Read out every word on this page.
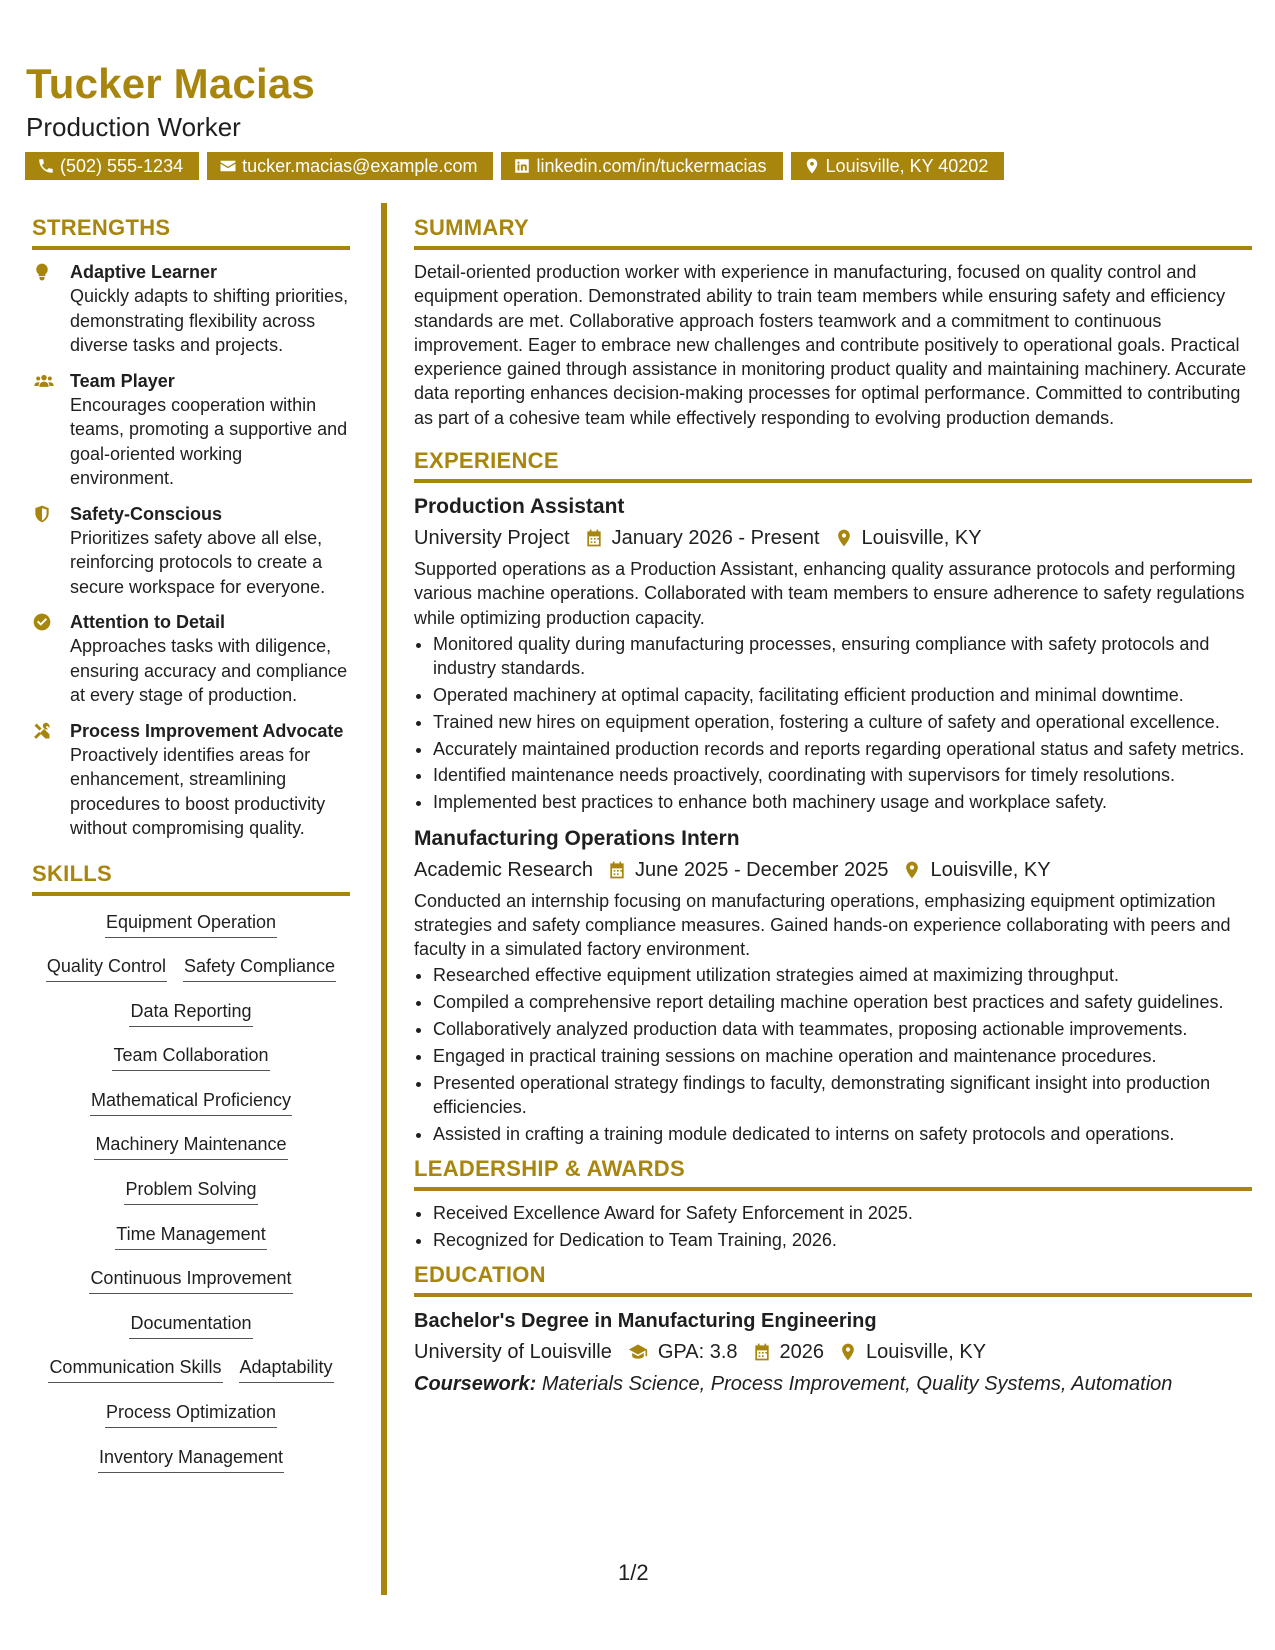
Tucker Macias
Production Worker
(502) 555-1234	tucker.macias@example.com	linkedin.com/in/tuckermacias	Louisville, KY 40202
STRENGTHS
Adaptive Learner
Quickly adapts to shifting priorities, demonstrating flexibility across diverse tasks and projects.
Team Player
Encourages cooperation within teams, promoting a supportive and goal-oriented working environment.
Safety-Conscious
Prioritizes safety above all else, reinforcing protocols to create a secure workspace for everyone.
Attention to Detail
Approaches tasks with diligence, ensuring accuracy and compliance at every stage of production.
Process Improvement Advocate
Proactively identifies areas for enhancement, streamlining procedures to boost productivity without compromising quality.
SKILLS
Equipment Operation
Quality Control Safety Compliance
Data Reporting
Team Collaboration
Mathematical Proficiency
Machinery Maintenance
Problem Solving
Time Management
Continuous Improvement
Documentation
Communication Skills Adaptability
Process Optimization
Inventory Management
SUMMARY

Detail-oriented production worker with experience in manufacturing, focused on quality control and equipment operation. Demonstrated ability to train team members while ensuring safety and efficiency standards are met. Collaborative approach fosters teamwork and a commitment to continuous improvement. Eager to embrace new challenges and contribute positively to operational goals. Practical experience gained through assistance in monitoring product quality and maintaining machinery. Accurate data reporting enhances decision-making processes for optimal performance. Committed to contributing as part of a cohesive team while effectively responding to evolving production demands.

EXPERIENCE
Production Assistant
University Project January 2026 - Present Louisville, KY
Supported operations as a Production Assistant, enhancing quality assurance protocols and performing various machine operations. Collaborated with team members to ensure adherence to safety regulations while optimizing production capacity.
• Monitored quality during manufacturing processes, ensuring compliance with safety protocols and industry standards.
• Operated machinery at optimal capacity, facilitating efficient production and minimal downtime.
• Trained new hires on equipment operation, fostering a culture of safety and operational excellence.
• Accurately maintained production records and reports regarding operational status and safety metrics.
• Identified maintenance needs proactively, coordinating with supervisors for timely resolutions.
• Implemented best practices to enhance both machinery usage and workplace safety.
Manufacturing Operations Intern
Academic Research June 2025 - December 2025 Louisville, KY
Conducted an internship focusing on manufacturing operations, emphasizing equipment optimization strategies and safety compliance measures. Gained hands-on experience collaborating with peers and faculty in a simulated factory environment.
• Researched effective equipment utilization strategies aimed at maximizing throughput.
• Compiled a comprehensive report detailing machine operation best practices and safety guidelines.
• Collaboratively analyzed production data with teammates, proposing actionable improvements.
• Engaged in practical training sessions on machine operation and maintenance procedures.
• Presented operational strategy findings to faculty, demonstrating significant insight into production efficiencies.
• Assisted in crafting a training module dedicated to interns on safety protocols and operations.
LEADERSHIP & AWARDS
• Received Excellence Award for Safety Enforcement in 2025.
• Recognized for Dedication to Team Training, 2026.
EDUCATION
Bachelor's Degree in Manufacturing Engineering
University of Louisville GPA: 3.8 2026 Louisville, KY
Coursework: Materials Science, Process Improvement, Quality Systems, Automation
1/2
